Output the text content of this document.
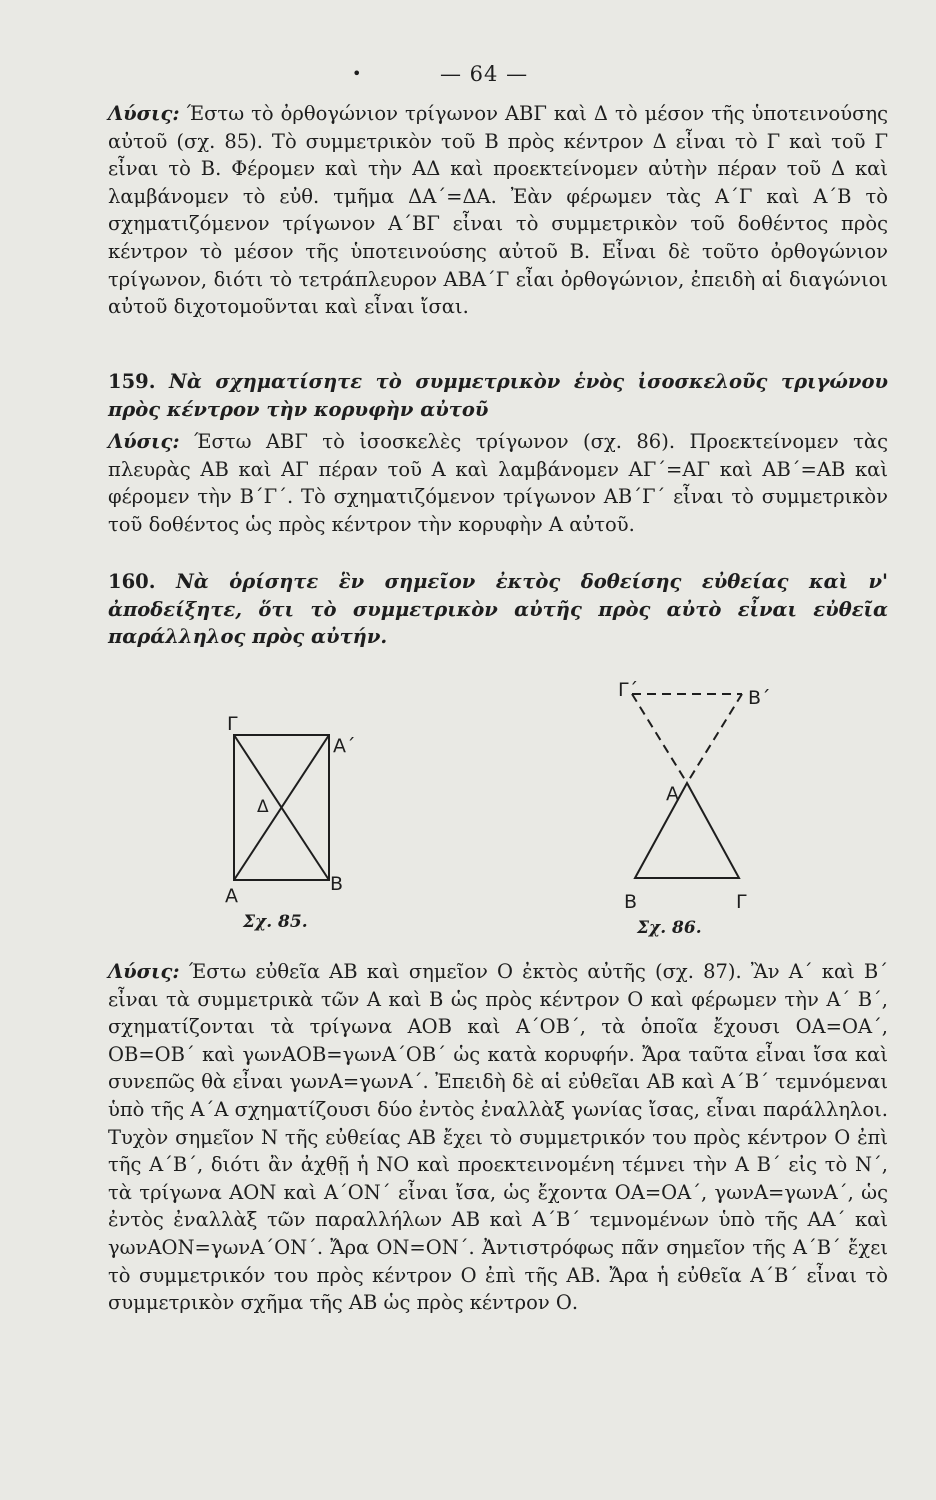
•	— 64 —

Λύσις: Έστω τὸ ὀρθογώνιον τρίγωνον ΑΒΓ καὶ Δ τὸ μέσον τῆς ὑποτεινούσης αὐτοῦ (σχ. 85). Τὸ συμμετρικὸν τοῦ Β πρὸς κέντρον Δ εἶναι τὸ Γ καὶ τοῦ Γ εἶναι τὸ Β. Φέρομεν καὶ τὴν ΑΔ καὶ προεκτείνομεν αὐτὴν πέραν τοῦ Δ καὶ λαμβάνομεν τὸ εὐθ. τμῆμα ΔΑ΄=ΔΑ. Ἐὰν φέρωμεν τὰς Α΄Γ καὶ Α΄Β τὸ σχηματιζόμενον τρίγωνον Α΄ΒΓ εἶναι τὸ συμμετρικὸν τοῦ δοθέντος πρὸς κέντρον τὸ μέσον τῆς ὑποτεινούσης αὐτοῦ Β. Εἶναι δὲ τοῦτο ὀρθογώνιον τρίγωνον, διότι τὸ τετράπλευρον ΑΒΑ΄Γ εἶαι ὀρθογώνιον, ἐπειδὴ αἱ διαγώνιοι αὐτοῦ διχοτομοῦνται καὶ εἶναι ἴσαι.

159. Νὰ σχηματίσητε τὸ συμμετρικὸν ἑνὸς ἰσοσκελοῦς τριγώνου πρὸς κέντρον τὴν κορυφὴν αὐτοῦ

Λύσις: Έστω ΑΒΓ τὸ ἰσοσκελὲς τρίγωνον (σχ. 86). Προεκτείνομεν τὰς πλευρὰς ΑΒ καὶ ΑΓ πέραν τοῦ Α καὶ λαμβάνομεν ΑΓ΄=ΑΓ καὶ ΑΒ΄=ΑΒ καὶ φέρομεν τὴν Β΄Γ΄. Τὸ σχηματιζόμενον τρίγωνον ΑΒ΄Γ΄ εἶναι τὸ συμμετρικὸν τοῦ δοθέντος ὡς πρὸς κέντρον τὴν κορυφὴν Α αὐτοῦ.

160. Νὰ ὁρίσητε ἓν σημεῖον ἐκτὸς δοθείσης εὐθείας καὶ ν' ἀποδείξητε, ὅτι τὸ συμμετρικὸν αὐτῆς πρὸς αὐτὸ εἶναι εὐθεῖα παράλληλος πρὸς αὐτήν.

Γ
Α΄
Δ
Α
Β
Σχ. 85.
Γ΄	Β΄
Α
Β	Γ
Σχ. 86.

Λύσις: Έστω εὐθεῖα ΑΒ καὶ σημεῖον Ο ἐκτὸς αὐτῆς (σχ. 87). Ἂν Α΄ καὶ Β΄ εἶναι τὰ συμμετρικὰ τῶν Α καὶ Β ὡς πρὸς κέντρον Ο καὶ φέρωμεν τὴν Α΄ Β΄, σχηματίζονται τὰ τρίγωνα ΑΟΒ καὶ Α΄ΟΒ΄, τὰ ὁποῖα ἔχουσι ΟΑ=ΟΑ΄, ΟΒ=ΟΒ΄ καὶ γωνΑΟΒ=γωνΑ΄ΟΒ΄ ὡς κατὰ κορυφήν. Ἄρα ταῦτα εἶναι ἴσα καὶ συνεπῶς θὰ εἶναι γωνΑ=γωνΑ΄. Ἐπειδὴ δὲ αἱ εὐθεῖαι ΑΒ καὶ Α΄Β΄ τεμνόμεναι ὑπὸ τῆς Α΄Α σχηματίζουσι δύο ἐντὸς ἐναλλὰξ γωνίας ἴσας, εἶναι παράλληλοι. Τυχὸν σημεῖον Ν τῆς εὐθείας ΑΒ ἔχει τὸ συμμετρικόν του πρὸς κέντρον Ο ἐπὶ τῆς Α΄Β΄, διότι ἂν ἀχθῇ ἡ ΝΟ καὶ προεκτεινομένη τέμνει τὴν Α Β΄ εἰς τὸ Ν΄, τὰ τρίγωνα ΑΟΝ καὶ Α΄ΟΝ΄ εἶναι ἴσα, ὡς ἔχοντα ΟΑ=ΟΑ΄, γωνΑ=γωνΑ΄, ὡς ἐντὸς ἐναλλὰξ τῶν παραλλήλων ΑΒ καὶ Α΄Β΄ τεμνομένων ὑπὸ τῆς ΑΑ΄ καὶ γωνΑΟΝ=γωνΑ΄ΟΝ΄. Ἄρα ΟΝ=ΟΝ΄. Ἀντιστρόφως πᾶν σημεῖον τῆς Α΄Β΄ ἔχει τὸ συμμετρικόν του πρὸς κέντρον Ο ἐπὶ τῆς ΑΒ. Ἄρα ἡ εὐθεῖα Α΄Β΄ εἶναι τὸ συμμετρικὸν σχῆμα τῆς ΑΒ ὡς πρὸς κέντρον Ο.
